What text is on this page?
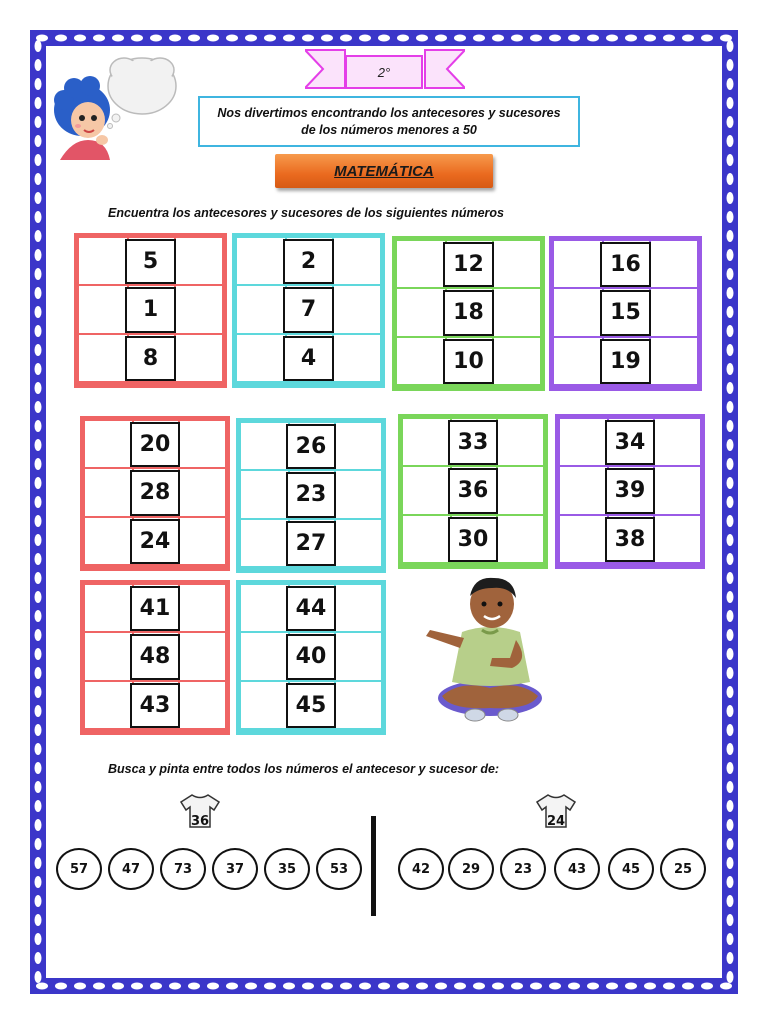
2°
Nos divertimos encontrando los antecesores y sucesores
de los números menores a 50
MATEMÁTICA
Encuentra los antecesores y sucesores de los siguientes números
5
1
8
2
7
4
12
18
10
16
15
19
20
28
24
26
23
27
33
36
30
34
39
38
41
48
43
44
40
45
Busca y pinta entre todos los números el antecesor y sucesor de:
36	24
57	47	73	37	35	53	42	29	23	43	45	25
